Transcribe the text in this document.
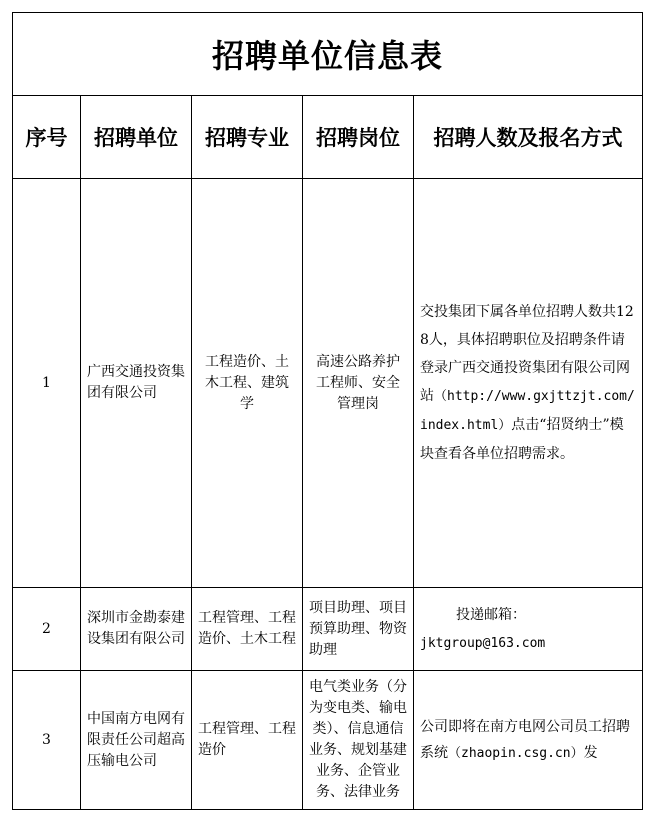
招聘单位信息表				
序号	招聘单位	招聘专业	招聘岗位	招聘人数及报名方式
1	广西交通投资集团有限公司	工程造价、土木工程、建筑学	高速公路养护工程师、安全管理岗	交投集团下属各单位招聘人数共128人，具体招聘职位及招聘条件请登录广西交通投资集团有限公司网站（http://www.gxjttzjt.com/index.html）点击“招贤纳士”模块查看各单位招聘需求。
2	深圳市金勘泰建设集团有限公司	工程管理、工程造价、土木工程	项目助理、项目预算助理、物资助理	投递邮箱：
jktgroup@163.com
3	中国南方电网有限责任公司超高压输电公司	工程管理、工程造价	电气类业务（分为变电类、输电类）、信息通信业务、规划基建业务、企管业务、法律业务	公司即将在南方电网公司员工招聘系统（zhaopin.csg.cn）发
